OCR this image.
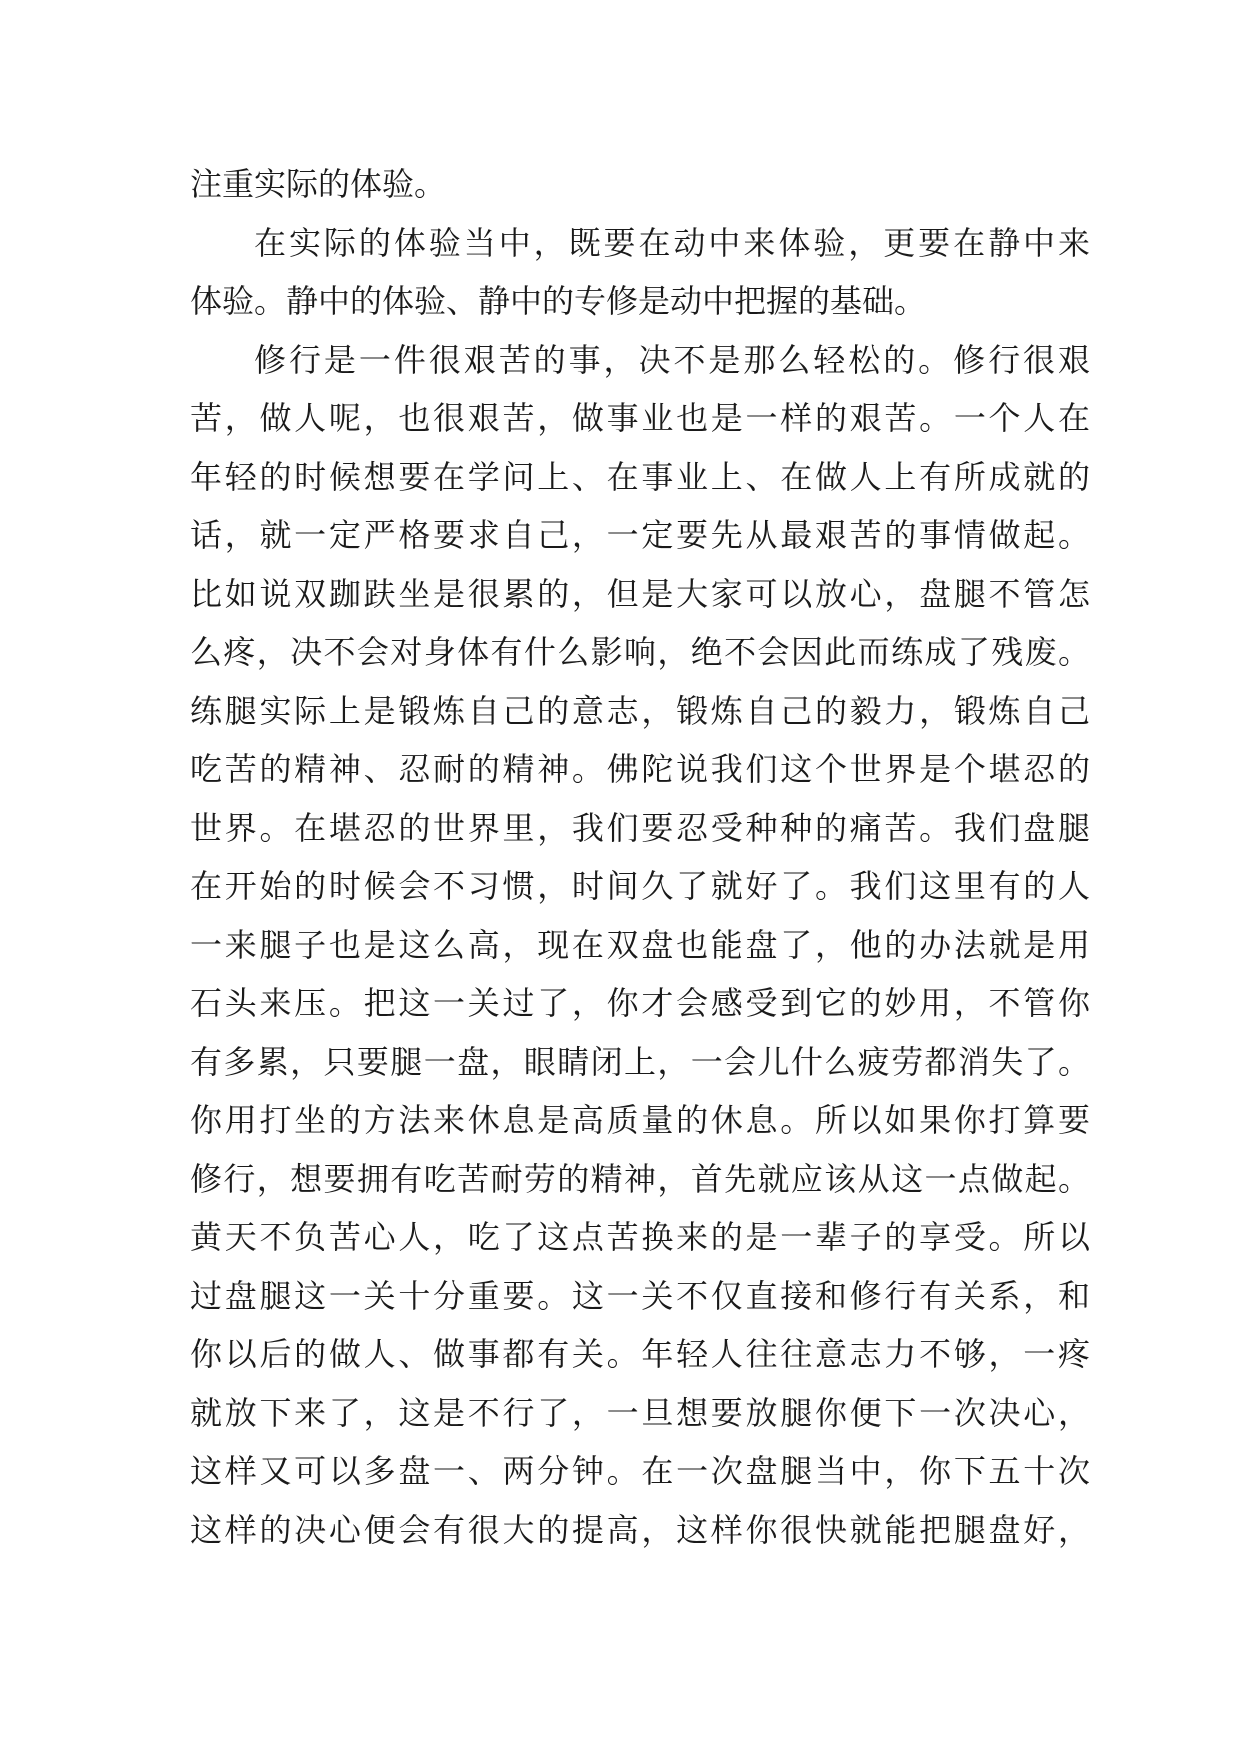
注重实际的体验。
在实际的体验当中，既要在动中来体验，更要在静中来
体验。静中的体验、静中的专修是动中把握的基础。
修行是一件很艰苦的事，决不是那么轻松的。修行很艰
苦，做人呢，也很艰苦，做事业也是一样的艰苦。一个人在
年轻的时候想要在学问上、在事业上、在做人上有所成就的
话，就一定严格要求自己，一定要先从最艰苦的事情做起。
比如说双跏趺坐是很累的，但是大家可以放心，盘腿不管怎
么疼，决不会对身体有什么影响，绝不会因此而练成了残废。
练腿实际上是锻炼自己的意志，锻炼自己的毅力，锻炼自己
吃苦的精神、忍耐的精神。佛陀说我们这个世界是个堪忍的
世界。在堪忍的世界里，我们要忍受种种的痛苦。我们盘腿
在开始的时候会不习惯，时间久了就好了。我们这里有的人
一来腿子也是这么高，现在双盘也能盘了，他的办法就是用
石头来压。把这一关过了，你才会感受到它的妙用，不管你
有多累，只要腿一盘，眼睛闭上，一会儿什么疲劳都消失了。
你用打坐的方法来休息是高质量的休息。所以如果你打算要
修行，想要拥有吃苦耐劳的精神，首先就应该从这一点做起。
黄天不负苦心人，吃了这点苦换来的是一辈子的享受。所以
过盘腿这一关十分重要。这一关不仅直接和修行有关系，和
你以后的做人、做事都有关。年轻人往往意志力不够，一疼
就放下来了，这是不行了，一旦想要放腿你便下一次决心，
这样又可以多盘一、两分钟。在一次盘腿当中，你下五十次
这样的决心便会有很大的提高，这样你很快就能把腿盘好，
